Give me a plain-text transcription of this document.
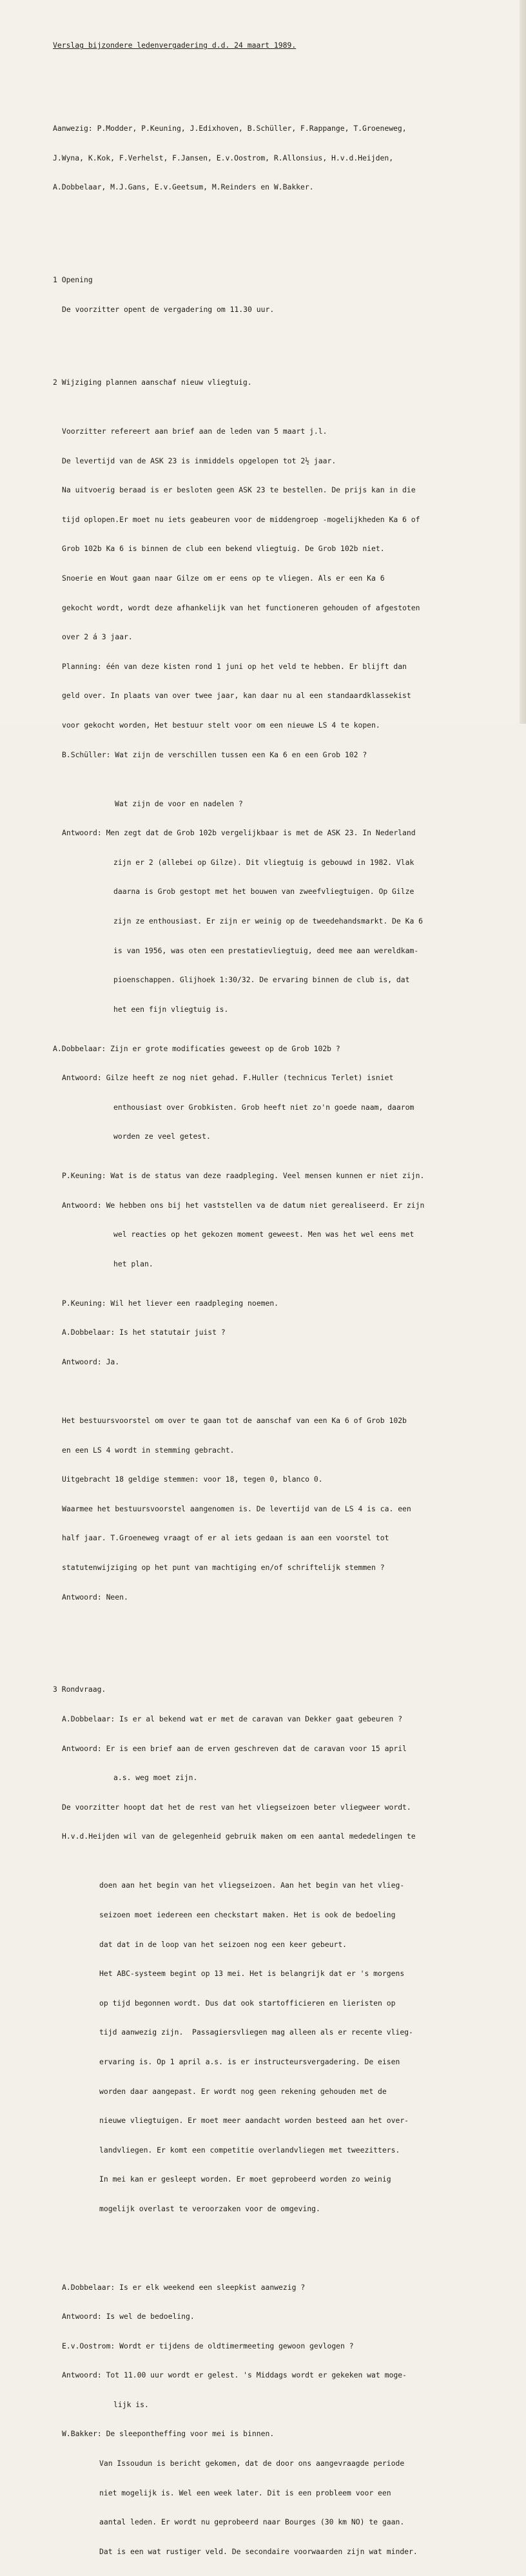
Verslag bijzondere ledenvergadering d.d. 24 maart 1989.

Aanwezig: P.Modder, P.Keuning, J.Edixhoven, B.Schüller, F.Rappange, T.Groeneweg,

J.Wyna, K.Kok, F.Verhelst, F.Jansen, E.v.Oostrom, R.Allonsius, H.v.d.Heijden,

A.Dobbelaar, M.J.Gans, E.v.Geetsum, M.Reinders en W.Bakker.

1 Opening

De voorzitter opent de vergadering om 11.30 uur.

2 Wijziging plannen aanschaf nieuw vliegtuig.

Voorzitter refereert aan brief aan de leden van 5 maart j.l.

De levertijd van de ASK 23 is inmiddels opgelopen tot 2½ jaar.

Na uitvoerig beraad is er besloten geen ASK 23 te bestellen. De prijs kan in die

tijd oplopen.Er moet nu iets geabeuren voor de middengroep -mogelijkheden Ka 6 of

Grob 102b Ka 6 is binnen de club een bekend vliegtuig. De Grob 102b niet.

Snoerie en Wout gaan naar Gilze om er eens op te vliegen. Als er een Ka 6

gekocht wordt, wordt deze afhankelijk van het functioneren gehouden of afgestoten

over 2 á 3 jaar.

Planning: één van deze kisten rond 1 juni op het veld te hebben. Er blijft dan

geld over. In plaats van over twee jaar, kan daar nu al een standaardklassekist

voor gekocht worden, Het bestuur stelt voor om een nieuwe LS 4 te kopen.

B.Schüller: Wat zijn de verschillen tussen een Ka 6 en een Grob 102 ?

Wat zijn de voor en nadelen ?

Antwoord: Men zegt dat de Grob 102b vergelijkbaar is met de ASK 23. In Nederland

zijn er 2 (allebei op Gilze). Dit vliegtuig is gebouwd in 1982. Vlak

daarna is Grob gestopt met het bouwen van zweefvliegtuigen. Op Gilze

zijn ze enthousiast. Er zijn er weinig op de tweedehandsmarkt. De Ka 6

is van 1956, was oten een prestatievliegtuig, deed mee aan wereldkam-

pioenschappen. Glijhoek 1:30/32. De ervaring binnen de club is, dat

het een fijn vliegtuig is.

A.Dobbelaar: Zijn er grote modificaties geweest op de Grob 102b ?

Antwoord: Gilze heeft ze nog niet gehad. F.Huller (technicus Terlet) isniet

enthousiast over Grobkisten. Grob heeft niet zo'n goede naam, daarom

worden ze veel getest.

P.Keuning: Wat is de status van deze raadpleging. Veel mensen kunnen er niet zijn.

Antwoord: We hebben ons bij het vaststellen va de datum niet gerealiseerd. Er zijn

wel reacties op het gekozen moment geweest. Men was het wel eens met

het plan.

P.Keuning: Wil het liever een raadpleging noemen.

A.Dobbelaar: Is het statutair juist ?

Antwoord: Ja.

Het bestuursvoorstel om over te gaan tot de aanschaf van een Ka 6 of Grob 102b

en een LS 4 wordt in stemming gebracht.

Uitgebracht 18 geldige stemmen: voor 18, tegen 0, blanco 0.

Waarmee het bestuursvoorstel aangenomen is. De levertijd van de LS 4 is ca. een

half jaar. T.Groeneweg vraagt of er al iets gedaan is aan een voorstel tot

statutenwijziging op het punt van machtiging en/of schriftelijk stemmen ?

Antwoord: Neen.

3 Rondvraag.

A.Dobbelaar: Is er al bekend wat er met de caravan van Dekker gaat gebeuren ?

Antwoord: Er is een brief aan de erven geschreven dat de caravan voor 15 april

a.s. weg moet zijn.

De voorzitter hoopt dat het de rest van het vliegseizoen beter vliegweer wordt.

H.v.d.Heijden wil van de gelegenheid gebruik maken om een aantal mededelingen te

doen aan het begin van het vliegseizoen. Aan het begin van het vlieg-

seizoen moet iedereen een checkstart maken. Het is ook de bedoeling

dat dat in de loop van het seizoen nog een keer gebeurt.

Het ABC-systeem begint op 13 mei. Het is belangrijk dat er 's morgens

op tijd begonnen wordt. Dus dat ook startofficieren en lieristen op

tijd aanwezig zijn.  Passagiersvliegen mag alleen als er recente vlieg-

ervaring is. Op 1 april a.s. is er instructeursvergadering. De eisen

worden daar aangepast. Er wordt nog geen rekening gehouden met de

nieuwe vliegtuigen. Er moet meer aandacht worden besteed aan het over-

landvliegen. Er komt een competitie overlandvliegen met tweezitters.

In mei kan er gesleept worden. Er moet geprobeerd worden zo weinig

mogelijk overlast te veroorzaken voor de omgeving.

A.Dobbelaar: Is er elk weekend een sleepkist aanwezig ?

Antwoord: Is wel de bedoeling.

E.v.Oostrom: Wordt er tijdens de oldtimermeeting gewoon gevlogen ?

Antwoord: Tot 11.00 uur wordt er gelest. 's Middags wordt er gekeken wat moge-

lijk is.

W.Bakker: De sleepontheffing voor mei is binnen.

Van Issoudun is bericht gekomen, dat de door ons aangevraagde periode

niet mogelijk is. Wel een week later. Dit is een probleem voor een

aantal leden. Er wordt nu geprobeerd naar Bourges (30 km NO) te gaan.

Dat is een wat rustiger veld. De secondaire voorwaarden zijn wat minder.
